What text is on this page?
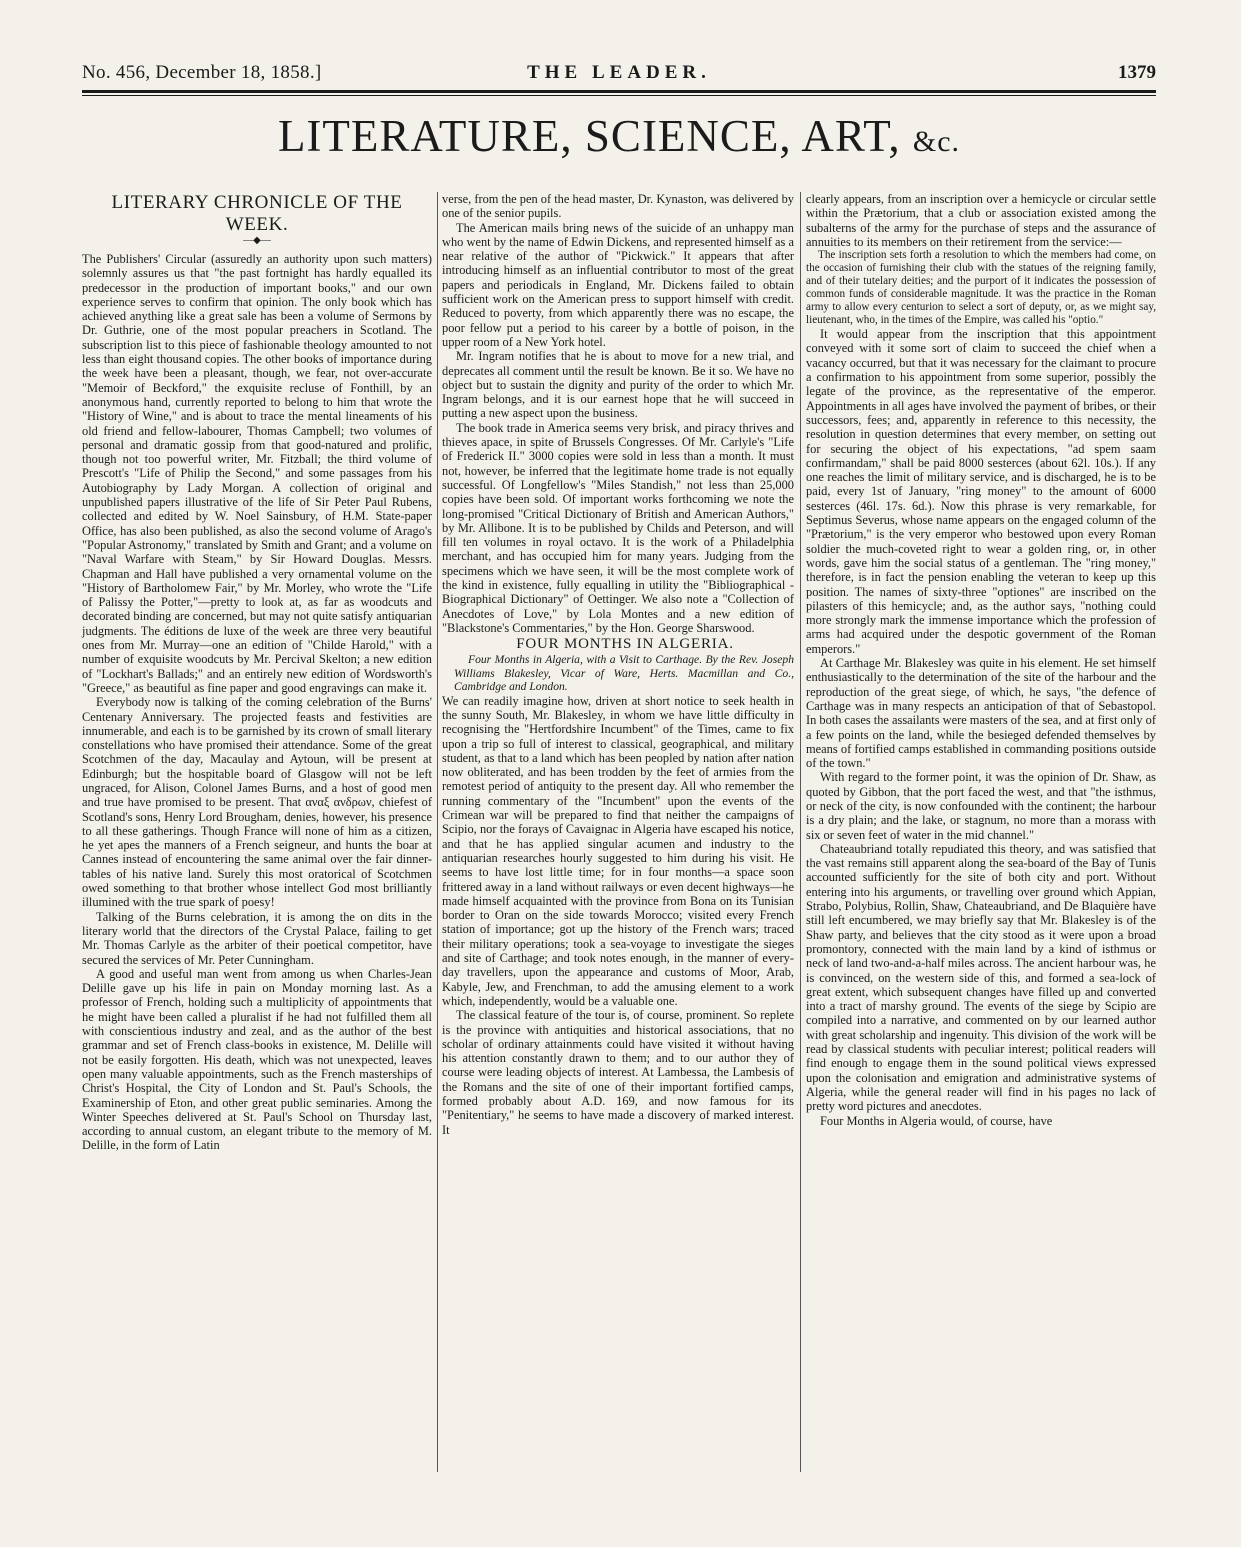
No. 456, December 18, 1858.]	THE LEADER.	1379
LITERATURE, SCIENCE, ART, &c.

LITERARY CHRONICLE OF THE WEEK.

—◆—

The Publishers' Circular (assuredly an authority upon such matters) solemnly assures us that "the past fortnight has hardly equalled its predecessor in the production of important books," and our own experience serves to confirm that opinion. The only book which has achieved anything like a great sale has been a volume of Sermons by Dr. Guthrie, one of the most popular preachers in Scotland. The subscription list to this piece of fashionable theology amounted to not less than eight thousand copies. The other books of importance during the week have been a pleasant, though, we fear, not over-accurate "Memoir of Beckford," the exquisite recluse of Fonthill, by an anonymous hand, currently reported to belong to him that wrote the "History of Wine," and is about to trace the mental lineaments of his old friend and fellow-labourer, Thomas Campbell; two volumes of personal and dramatic gossip from that good-natured and prolific, though not too powerful writer, Mr. Fitzball; the third volume of Prescott's "Life of Philip the Second," and some passages from his Autobiography by Lady Morgan. A collection of original and unpublished papers illustrative of the life of Sir Peter Paul Rubens, collected and edited by W. Noel Sainsbury, of H.M. State-paper Office, has also been published, as also the second volume of Arago's "Popular Astronomy," translated by Smith and Grant; and a volume on "Naval Warfare with Steam," by Sir Howard Douglas. Messrs. Chapman and Hall have published a very ornamental volume on the "History of Bartholomew Fair," by Mr. Morley, who wrote the "Life of Palissy the Potter,"—pretty to look at, as far as woodcuts and decorated binding are concerned, but may not quite satisfy antiquarian judgments. The éditions de luxe of the week are three very beautiful ones from Mr. Murray—one an edition of "Childe Harold," with a number of exquisite woodcuts by Mr. Percival Skelton; a new edition of "Lockhart's Ballads;" and an entirely new edition of Wordsworth's "Greece," as beautiful as fine paper and good engravings can make it.

Everybody now is talking of the coming celebration of the Burns' Centenary Anniversary. The projected feasts and festivities are innumerable, and each is to be garnished by its crown of small literary constellations who have promised their attendance. Some of the great Scotchmen of the day, Macaulay and Aytoun, will be present at Edinburgh; but the hospitable board of Glasgow will not be left ungraced, for Alison, Colonel James Burns, and a host of good men and true have promised to be present. That αναξ ανδρων, chiefest of Scotland's sons, Henry Lord Brougham, denies, however, his presence to all these gatherings. Though France will none of him as a citizen, he yet apes the manners of a French seigneur, and hunts the boar at Cannes instead of encountering the same animal over the fair dinner-tables of his native land. Surely this most oratorical of Scotchmen owed something to that brother whose intellect God most brilliantly illumined with the true spark of poesy!

Talking of the Burns celebration, it is among the on dits in the literary world that the directors of the Crystal Palace, failing to get Mr. Thomas Carlyle as the arbiter of their poetical competitor, have secured the services of Mr. Peter Cunningham.

A good and useful man went from among us when Charles-Jean Delille gave up his life in pain on Monday morning last. As a professor of French, holding such a multiplicity of appointments that he might have been called a pluralist if he had not fulfilled them all with conscientious industry and zeal, and as the author of the best grammar and set of French class-books in existence, M. Delille will not be easily forgotten. His death, which was not unexpected, leaves open many valuable appointments, such as the French masterships of Christ's Hospital, the City of London and St. Paul's Schools, the Examinership of Eton, and other great public seminaries. Among the Winter Speeches delivered at St. Paul's School on Thursday last, according to annual custom, an elegant tribute to the memory of M. Delille, in the form of Latin

verse, from the pen of the head master, Dr. Kynaston, was delivered by one of the senior pupils.

The American mails bring news of the suicide of an unhappy man who went by the name of Edwin Dickens, and represented himself as a near relative of the author of "Pickwick." It appears that after introducing himself as an influential contributor to most of the great papers and periodicals in England, Mr. Dickens failed to obtain sufficient work on the American press to support himself with credit. Reduced to poverty, from which apparently there was no escape, the poor fellow put a period to his career by a bottle of poison, in the upper room of a New York hotel.

Mr. Ingram notifies that he is about to move for a new trial, and deprecates all comment until the result be known. Be it so. We have no object but to sustain the dignity and purity of the order to which Mr. Ingram belongs, and it is our earnest hope that he will succeed in putting a new aspect upon the business.

The book trade in America seems very brisk, and piracy thrives and thieves apace, in spite of Brussels Congresses. Of Mr. Carlyle's "Life of Frederick II." 3000 copies were sold in less than a month. It must not, however, be inferred that the legitimate home trade is not equally successful. Of Longfellow's "Miles Standish," not less than 25,000 copies have been sold. Of important works forthcoming we note the long-promised "Critical Dictionary of British and American Authors," by Mr. Allibone. It is to be published by Childs and Peterson, and will fill ten volumes in royal octavo. It is the work of a Philadelphia merchant, and has occupied him for many years. Judging from the specimens which we have seen, it will be the most complete work of the kind in existence, fully equalling in utility the "Bibliographical - Biographical Dictionary" of Oettinger. We also note a "Collection of Anecdotes of Love," by Lola Montes and a new edition of "Blackstone's Commentaries," by the Hon. George Sharswood.

FOUR MONTHS IN ALGERIA.

Four Months in Algeria, with a Visit to Carthage. By the Rev. Joseph Williams Blakesley, Vicar of Ware, Herts. Macmillan and Co., Cambridge and London.

We can readily imagine how, driven at short notice to seek health in the sunny South, Mr. Blakesley, in whom we have little difficulty in recognising the "Hertfordshire Incumbent" of the Times, came to fix upon a trip so full of interest to classical, geographical, and military student, as that to a land which has been peopled by nation after nation now obliterated, and has been trodden by the feet of armies from the remotest period of antiquity to the present day. All who remember the running commentary of the "Incumbent" upon the events of the Crimean war will be prepared to find that neither the campaigns of Scipio, nor the forays of Cavaignac in Algeria have escaped his notice, and that he has applied singular acumen and industry to the antiquarian researches hourly suggested to him during his visit. He seems to have lost little time; for in four months—a space soon frittered away in a land without railways or even decent highways—he made himself acquainted with the province from Bona on its Tunisian border to Oran on the side towards Morocco; visited every French station of importance; got up the history of the French wars; traced their military operations; took a sea-voyage to investigate the sieges and site of Carthage; and took notes enough, in the manner of every-day travellers, upon the appearance and customs of Moor, Arab, Kabyle, Jew, and Frenchman, to add the amusing element to a work which, independently, would be a valuable one.

The classical feature of the tour is, of course, prominent. So replete is the province with antiquities and historical associations, that no scholar of ordinary attainments could have visited it without having his attention constantly drawn to them; and to our author they of course were leading objects of interest. At Lambessa, the Lambesis of the Romans and the site of one of their important fortified camps, formed probably about A.D. 169, and now famous for its "Penitentiary," he seems to have made a discovery of marked interest. It

clearly appears, from an inscription over a hemicycle or circular settle within the Prætorium, that a club or association existed among the subalterns of the army for the purchase of steps and the assurance of annuities to its members on their retirement from the service:—

The inscription sets forth a resolution to which the members had come, on the occasion of furnishing their club with the statues of the reigning family, and of their tutelary deities; and the purport of it indicates the possession of common funds of considerable magnitude. It was the practice in the Roman army to allow every centurion to select a sort of deputy, or, as we might say, lieutenant, who, in the times of the Empire, was called his "optio."

It would appear from the inscription that this appointment conveyed with it some sort of claim to succeed the chief when a vacancy occurred, but that it was necessary for the claimant to procure a confirmation to his appointment from some superior, possibly the legate of the province, as the representative of the emperor. Appointments in all ages have involved the payment of bribes, or their successors, fees; and, apparently in reference to this necessity, the resolution in question determines that every member, on setting out for securing the object of his expectations, "ad spem saam confirmandam," shall be paid 8000 sesterces (about 62l. 10s.). If any one reaches the limit of military service, and is discharged, he is to be paid, every 1st of January, "ring money" to the amount of 6000 sesterces (46l. 17s. 6d.). Now this phrase is very remarkable, for Septimus Severus, whose name appears on the engaged column of the "Prætorium," is the very emperor who bestowed upon every Roman soldier the much-coveted right to wear a golden ring, or, in other words, gave him the social status of a gentleman. The "ring money," therefore, is in fact the pension enabling the veteran to keep up this position. The names of sixty-three "optiones" are inscribed on the pilasters of this hemicycle; and, as the author says, "nothing could more strongly mark the immense importance which the profession of arms had acquired under the despotic government of the Roman emperors."

At Carthage Mr. Blakesley was quite in his element. He set himself enthusiastically to the determination of the site of the harbour and the reproduction of the great siege, of which, he says, "the defence of Carthage was in many respects an anticipation of that of Sebastopol. In both cases the assailants were masters of the sea, and at first only of a few points on the land, while the besieged defended themselves by means of fortified camps established in commanding positions outside of the town."

With regard to the former point, it was the opinion of Dr. Shaw, as quoted by Gibbon, that the port faced the west, and that "the isthmus, or neck of the city, is now confounded with the continent; the harbour is a dry plain; and the lake, or stagnum, no more than a morass with six or seven feet of water in the mid channel."

Chateaubriand totally repudiated this theory, and was satisfied that the vast remains still apparent along the sea-board of the Bay of Tunis accounted sufficiently for the site of both city and port. Without entering into his arguments, or travelling over ground which Appian, Strabo, Polybius, Rollin, Shaw, Chateaubriand, and De Blaquière have still left encumbered, we may briefly say that Mr. Blakesley is of the Shaw party, and believes that the city stood as it were upon a broad promontory, connected with the main land by a kind of isthmus or neck of land two-and-a-half miles across. The ancient harbour was, he is convinced, on the western side of this, and formed a sea-lock of great extent, which subsequent changes have filled up and converted into a tract of marshy ground. The events of the siege by Scipio are compiled into a narrative, and commented on by our learned author with great scholarship and ingenuity. This division of the work will be read by classical students with peculiar interest; political readers will find enough to engage them in the sound political views expressed upon the colonisation and emigration and administrative systems of Algeria, while the general reader will find in his pages no lack of pretty word pictures and anecdotes.

Four Months in Algeria would, of course, have
